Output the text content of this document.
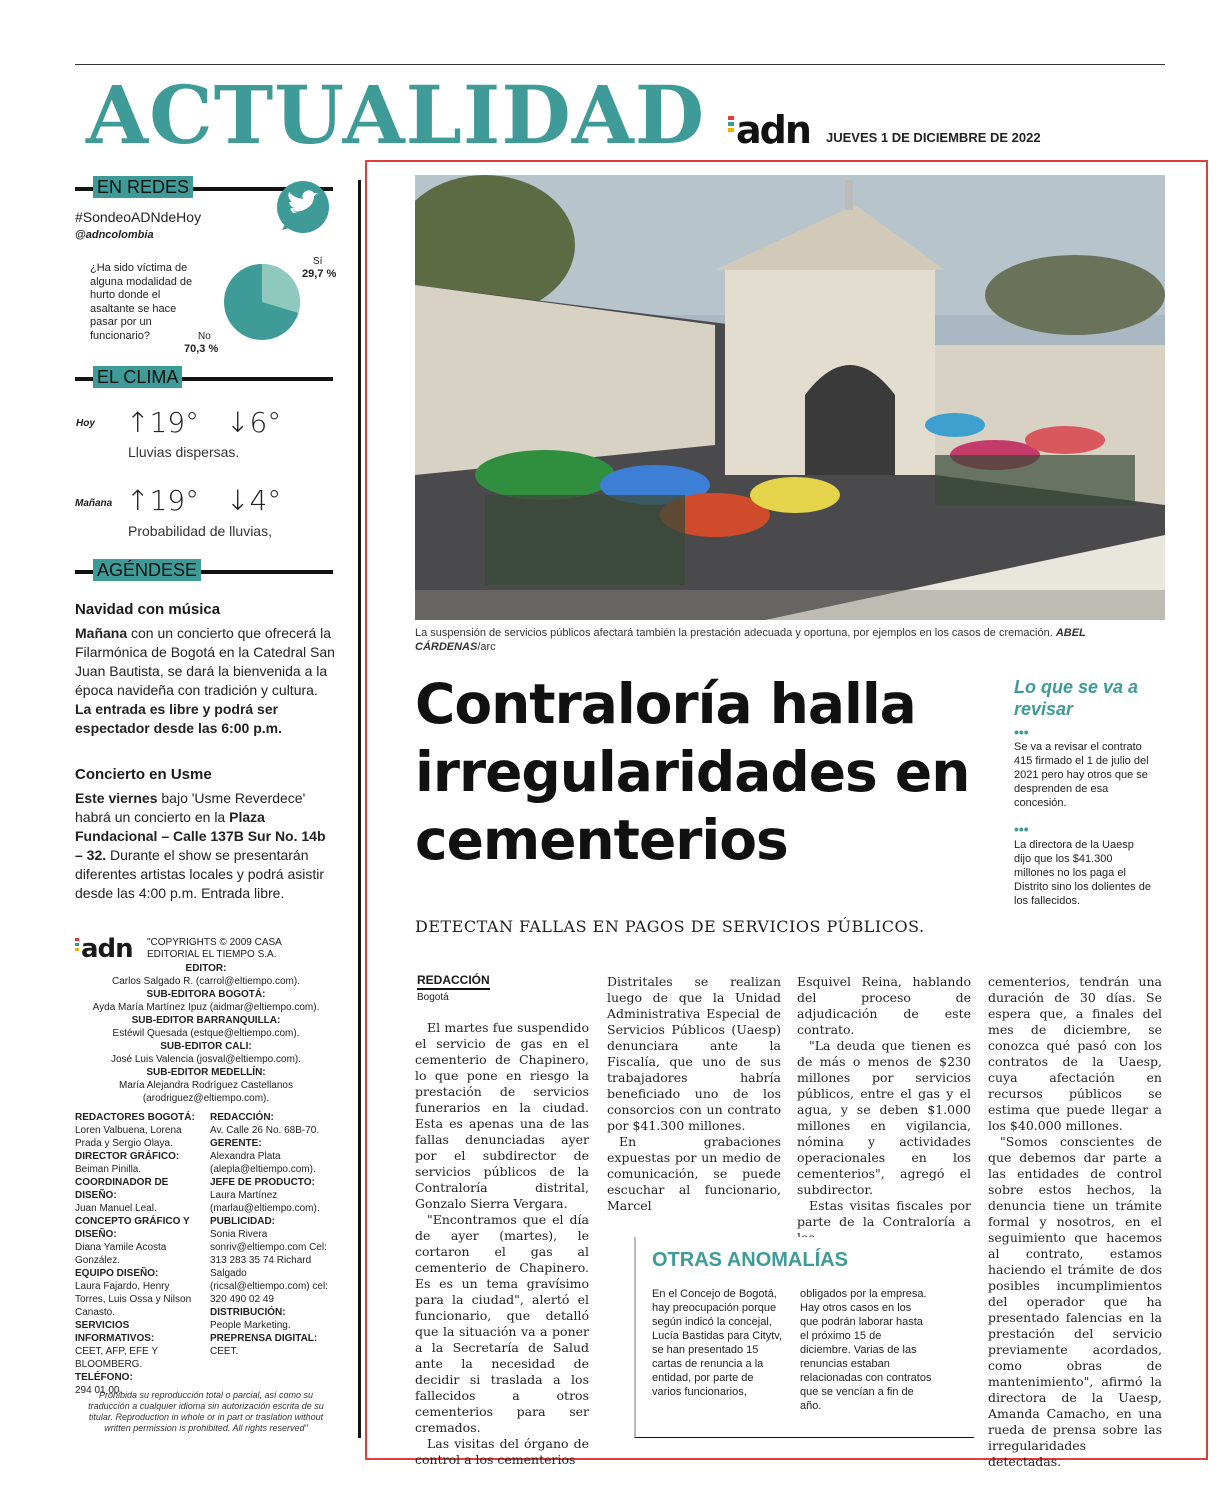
ACTUALIDAD adn JUEVES 1 DE DICIEMBRE DE 2022
EN REDES
#SondeoADNdeHoy
@adncolombia
¿Ha sido víctima de alguna modalidad de hurto donde el asaltante se hace pasar por un funcionario?
Sí
29,7 %
No
70,3 %
EL CLIMA
Hoy ↑19° ↓6°
Lluvias dispersas.
Mañana ↑19° ↓4°
Probabilidad de lluvias,
AGÉNDESE
Navidad con música
Mañana con un concierto que ofrecerá la Filarmónica de Bogotá en la Catedral San Juan Bautista, se dará la bienvenida a la época navideña con tradición y cultura. La entrada es libre y podrá ser espectador desde las 6:00 p.m.
Concierto en Usme
Este viernes bajo 'Usme Reverdece' habrá un concierto en la Plaza Fundacional – Calle 137B Sur No. 14b – 32. Durante el show se presentarán diferentes artistas locales y podrá asistir desde las 4:00 p.m. Entrada libre.
adn "COPYRIGHTS © 2009 CASA EDITORIAL EL TIEMPO S.A.
EDITOR:
Carlos Salgado R. (carrol@eltiempo.com).
SUB-EDITORA BOGOTÁ:
Ayda María Martínez Ipuz (aidmar@eltiempo.com).
SUB-EDITOR BARRANQUILLA:
Estéwil Quesada (estque@eltiempo.com).
SUB-EDITOR CALI:
José Luis Valencia (josval@eltiempo.com).
SUB-EDITOR MEDELLÍN:
María Alejandra Rodríguez Castellanos (arodriguez@eltiempo.com).
REDACTORES BOGOTÁ:
Loren Valbuena, Lorena Prada y Sergio Olaya.
DIRECTOR GRÁFICO:
Beiman Pinilla.
COORDINADOR DE DISEÑO:
Juan Manuel Leal.
CONCEPTO GRÁFICO Y DISEÑO:
Diana Yamile Acosta González.
EQUIPO DISEÑO:
Laura Fajardo, Henry Torres, Luis Ossa y Nilson Canasto.
SERVICIOS INFORMATIVOS:
CEET, AFP, EFE Y BLOOMBERG.
TELÉFONO:
294 01 00.
REDACCIÓN:
Av. Calle 26 No. 68B-70.
GERENTE:
Alexandra Plata (alepla@eltiempo.com).
JEFE DE PRODUCTO:
Laura Martínez (marlau@eltiempo.com).
PUBLICIDAD:
Sonia Rivera sonriv@eltiempo.com Cel: 313 283 35 74 Richard Salgado (ricsal@eltiempo.com) cel: 320 490 02 49
DISTRIBUCIÓN:
People Marketing.
PREPRENSA DIGITAL:
CEET.
Prohibida su reproducción total o parcial, así como su traducción a cualquier idioma sin autorización escrita de su titular. Reproduction in whole or in part or traslation without written permission is prohibited. All rights reserved"
La suspensión de servicios públicos afectará también la prestación adecuada y oportuna, por ejemplos en los casos de cremación. ABEL CÁRDENAS/arc
Contraloría halla irregularidades en cementerios
DETECTAN FALLAS EN PAGOS DE SERVICIOS PÚBLICOS.
Lo que se va a revisar
•••
Se va a revisar el contrato 415 firmado el 1 de julio del 2021 pero hay otros que se desprenden de esa concesión.
•••
La directora de la Uaesp dijo que los $41.300 millones no los paga el Distrito sino los dolientes de los fallecidos.
REDACCIÓN
Bogotá

El martes fue suspendido el servicio de gas en el cementerio de Chapinero, lo que pone en riesgo la prestación de servicios funerarios en la ciudad. Esta es apenas una de las fallas denunciadas ayer por el subdirector de servicios públicos de la Contraloría distrital, Gonzalo Sierra Vergara.

"Encontramos que el día de ayer (martes), le cortaron el gas al cementerio de Chapinero. Es es un tema gravísimo para la ciudad", alertó el funcionario, que detalló que la situación va a poner a la Secretaría de Salud ante la necesidad de decidir si traslada a los fallecidos a otros cementerios para ser cremados.

Las visitas del órgano de control a los cementerios

Distritales se realizan luego de que la Unidad Administrativa Especial de Servicios Públicos (Uaesp) denunciara ante la Fiscalía, que uno de sus trabajadores habría beneficiado uno de los consorcios con un contrato por $41.300 millones.

En grabaciones expuestas por un medio de comunicación, se puede escuchar al funcionario, Marcel

Esquivel Reina, hablando del proceso de adjudicación de este contrato.

"La deuda que tienen es de más o menos de $230 millones por servicios públicos, entre el gas y el agua, y se deben $1.000 millones en vigilancia, nómina y actividades operacionales en los cementerios", agregó el subdirector.

Estas visitas fiscales por parte de la Contraloría a

cementerios, tendrán una duración de 30 días. Se espera que, a finales del mes de diciembre, se conozca qué pasó con los contratos de la Uaesp, cuya afectación en recursos públicos se estima que puede llegar a los $40.000 millones.

"Somos conscientes de que debemos dar parte a las entidades de control sobre estos hechos, la denuncia tiene un trámite formal y nosotros, en el seguimiento que hacemos al contrato, estamos haciendo el trámite de dos posibles incumplimientos del operador que ha presentado falencias en la prestación del servicio previamente acordados, como obras de mantenimiento", afirmó la directora de la Uaesp, Amanda Camacho, en una rueda de prensa sobre las irregularidades detectadas.

OTRAS ANOMALÍAS
En el Concejo de Bogotá, hay preocupación porque según indicó la concejal, Lucía Bastidas para Citytv, se han presentado 15 cartas de renuncia a la entidad, por parte de varios funcionarios,
obligados por la empresa. Hay otros casos en los que podrán laborar hasta el próximo 15 de diciembre. Varias de las renuncias estaban relacionadas con contratos que se vencían a fin de año.
